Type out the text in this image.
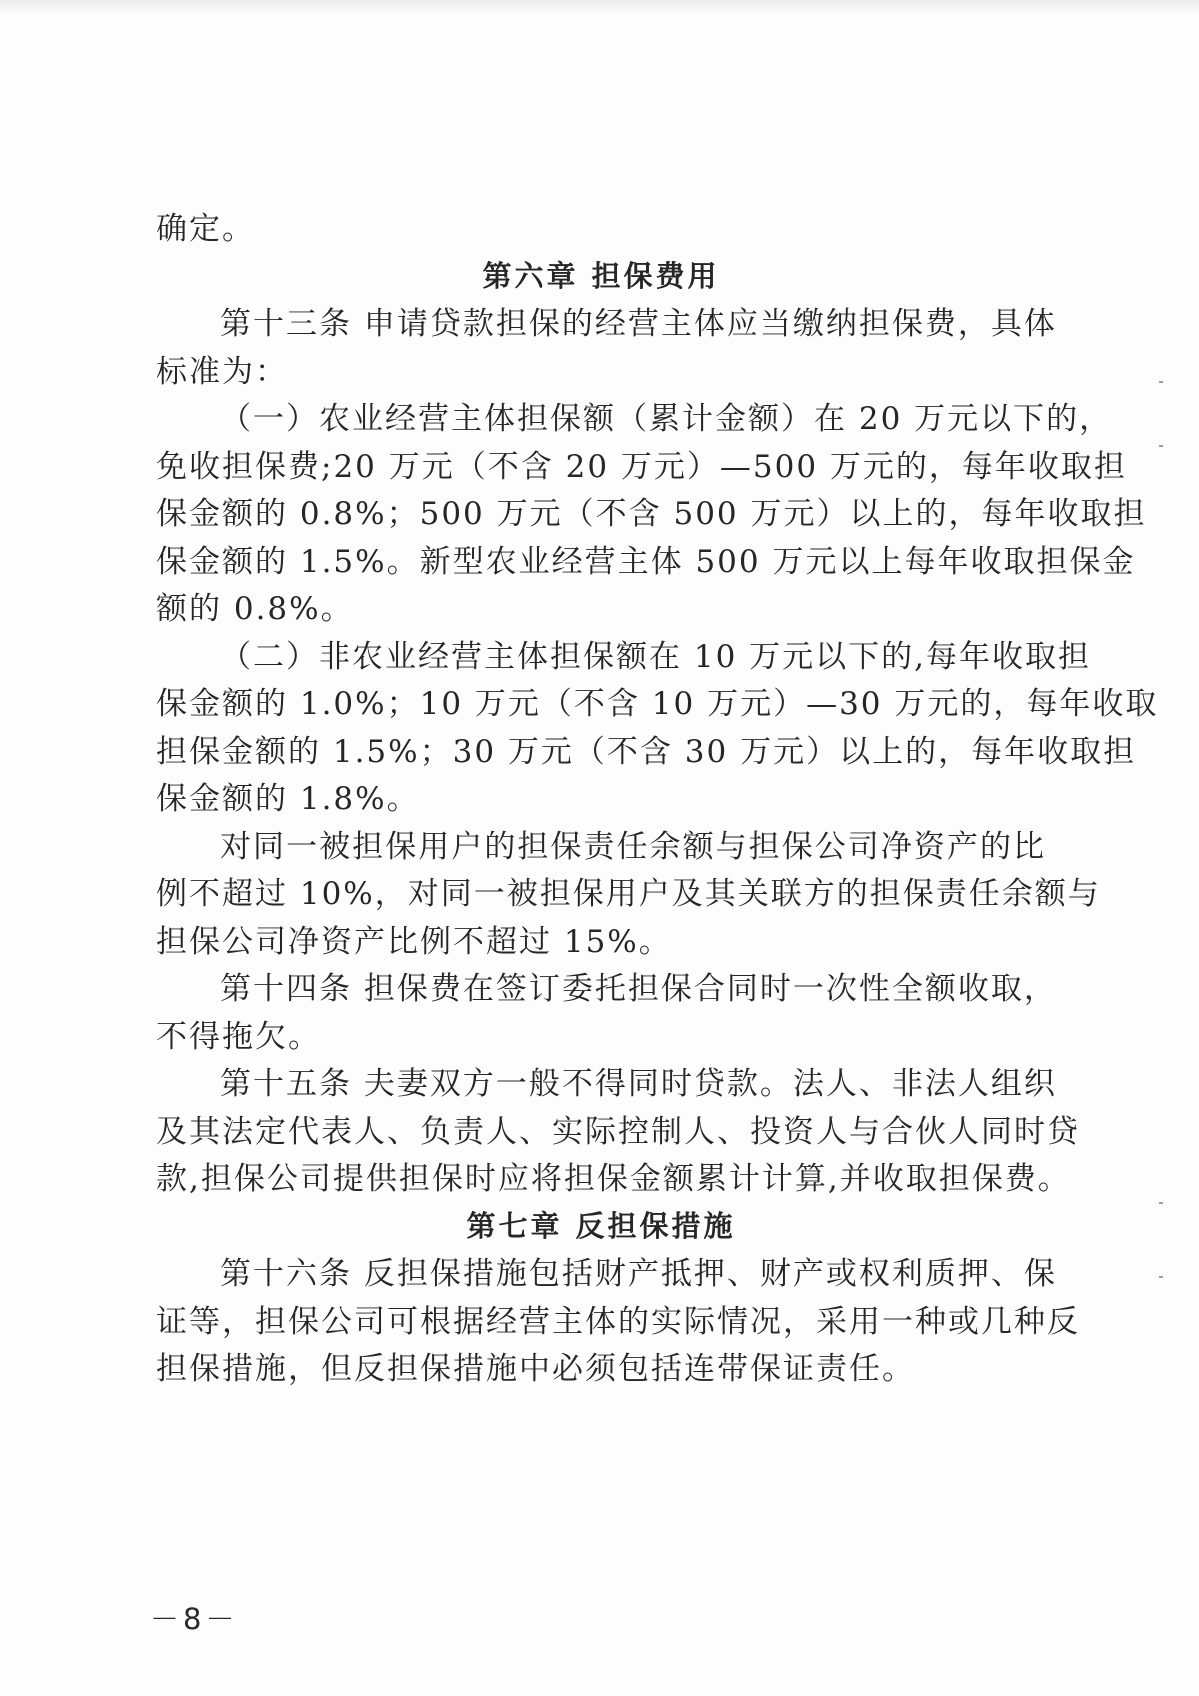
确定。
第六章 担保费用
第十三条 申请贷款担保的经营主体应当缴纳担保费，具体
标准为：
（一）农业经营主体担保额（累计金额）在 20 万元以下的，
免收担保费;20 万元（不含 20 万元）—500 万元的，每年收取担
保金额的 0.8%；500 万元（不含 500 万元）以上的，每年收取担
保金额的 1.5%。新型农业经营主体 500 万元以上每年收取担保金
额的 0.8%。
（二）非农业经营主体担保额在 10 万元以下的,每年收取担
保金额的 1.0%；10 万元（不含 10 万元）—30 万元的，每年收取
担保金额的 1.5%；30 万元（不含 30 万元）以上的，每年收取担
保金额的 1.8%。
对同一被担保用户的担保责任余额与担保公司净资产的比
例不超过 10%，对同一被担保用户及其关联方的担保责任余额与
担保公司净资产比例不超过 15%。
第十四条 担保费在签订委托担保合同时一次性全额收取，
不得拖欠。
第十五条 夫妻双方一般不得同时贷款。法人、非法人组织
及其法定代表人、负责人、实际控制人、投资人与合伙人同时贷
款,担保公司提供担保时应将担保金额累计计算,并收取担保费。
第七章 反担保措施
第十六条 反担保措施包括财产抵押、财产或权利质押、保
证等，担保公司可根据经营主体的实际情况，采用一种或几种反
担保措施，但反担保措施中必须包括连带保证责任。
－8－
